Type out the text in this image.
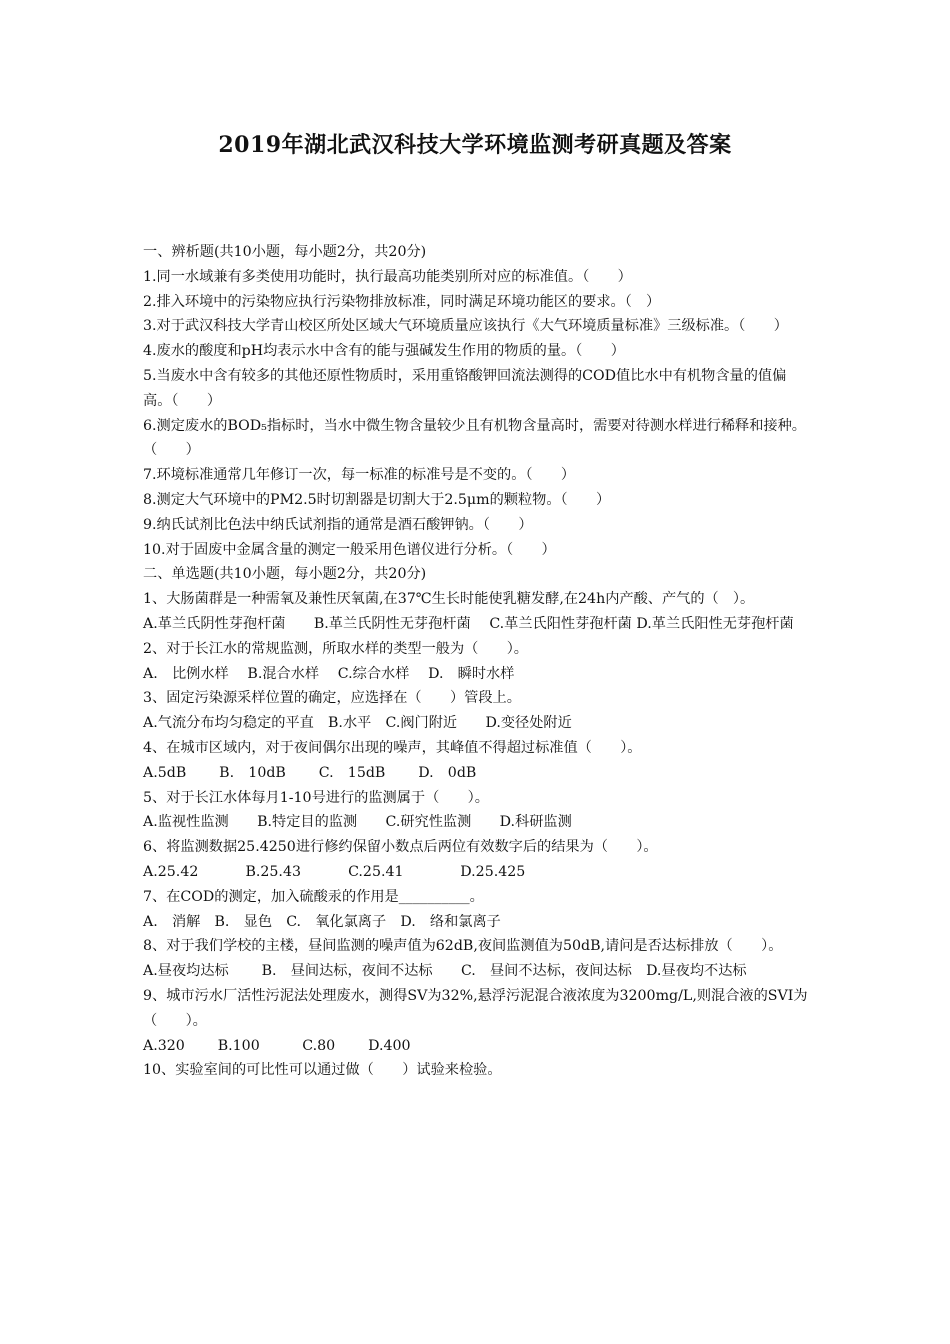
2019年湖北武汉科技大学环境监测考研真题及答案

一、辨析题(共10小题，每小题2分，共20分)

1.同一水域兼有多类使用功能时，执行最高功能类别所对应的标准值。（　　）

2.排入环境中的污染物应执行污染物排放标准，同时满足环境功能区的要求。（　）

3.对于武汉科技大学青山校区所处区域大气环境质量应该执行《大气环境质量标准》三级标准。（　　）

4.废水的酸度和pH均表示水中含有的能与强碱发生作用的物质的量。（　　）

5.当废水中含有较多的其他还原性物质时，采用重铬酸钾回流法测得的COD值比水中有机物含量的值偏高。（　　）

6.测定废水的BOD₅指标时，当水中微生物含量较少且有机物含量高时，需要对待测水样进行稀释和接种。（　　）

7.环境标准通常几年修订一次，每一标准的标准号是不变的。（　　）

8.测定大气环境中的PM2.5时切割器是切割大于2.5μm的颗粒物。（　　）

9.纳氏试剂比色法中纳氏试剂指的通常是酒石酸钾钠。（　　）

10.对于固废中金属含量的测定一般采用色谱仪进行分析。（　　）

二、单选题(共10小题，每小题2分，共20分)

1、大肠菌群是一种需氧及兼性厌氧菌,在37℃生长时能使乳糖发酵,在24h内产酸、产气的（　）。

A.革兰氏阴性芽孢杆菌　　B.革兰氏阴性无芽孢杆菌　 C.革兰氏阳性芽孢杆菌 D.革兰氏阳性无芽孢杆菌

2、对于长江水的常规监测，所取水样的类型一般为（　　）。

A.　比例水样　 B.混合水样　 C.综合水样　 D.　瞬时水样

3、固定污染源采样位置的确定，应选择在（　　）管段上。

A.气流分布均匀稳定的平直　B.水平　C.阀门附近　　D.变径处附近

4、在城市区域内，对于夜间偶尔出现的噪声，其峰值不得超过标准值（　　）。

A.5dB　　 B.　10dB　　 C.　15dB　　 D.　0dB

5、对于长江水体每月1-10号进行的监测属于（　　）。

A.监视性监测　　B.特定目的监测　　C.研究性监测　　D.科研监测

6、将监测数据25.4250进行修约保留小数点后两位有效数字后的结果为（　　）。

A.25.42　　　 B.25.43　　　 C.25.41　　　　D.25.425

7、在COD的测定，加入硫酸汞的作用是__________。

A.　消解　B.　显色　C.　氧化氯离子　D.　络和氯离子

8、对于我们学校的主楼，昼间监测的噪声值为62dB,夜间监测值为50dB,请问是否达标排放（　　）。

A.昼夜均达标　　 B.　昼间达标，夜间不达标　　C.　昼间不达标，夜间达标　D.昼夜均不达标

9、城市污水厂活性污泥法处理废水，测得SV为32%,悬浮污泥混合液浓度为3200mg/L,则混合液的SVI为（　　）。

A.320　　 B.100　　　C.80　　 D.400

10、实验室间的可比性可以通过做（　　）试验来检验。
